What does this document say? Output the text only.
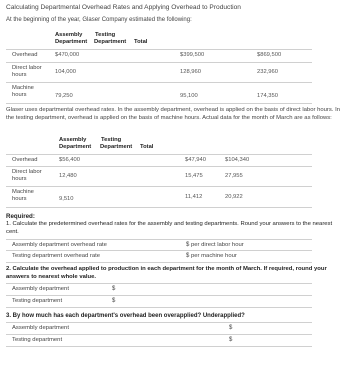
Calculating Departmental Overhead Rates and Applying Overhead to Production
At the beginning of the year, Glaser Company estimated the following:
Assembly
Department
Testing
Department Total
Overhead	$470,000	$399,500	$869,500
Direct labor
hours	104,000	128,960	232,960
Machine
hours	79,250	95,100	174,350
Glaser uses departmental overhead rates. In the assembly department, overhead is applied on the basis of direct labor hours. In the testing department, overhead is applied on the basis of machine hours. Actual data for the month of March are as follows:
Assembly
Department
Testing
Department Total
Overhead	$56,400	$47,940	$104,340
Direct labor
hours	12,480	15,475	27,955
Machine
hours	9,510	11,412	20,922
Required:
1. Calculate the predetermined overhead rates for the assembly and testing departments. Round your answers to the nearest cent.
Assembly department overhead rate	$ per direct labor hour
Testing department overhead rate	$ per machine hour
2. Calculate the overhead applied to production in each department for the month of March. If required, round your answers to nearest whole value.
Assembly department	$
Testing department	$
3. By how much has each department's overhead been overapplied? Underapplied?
Assembly department	$
Testing department	$
